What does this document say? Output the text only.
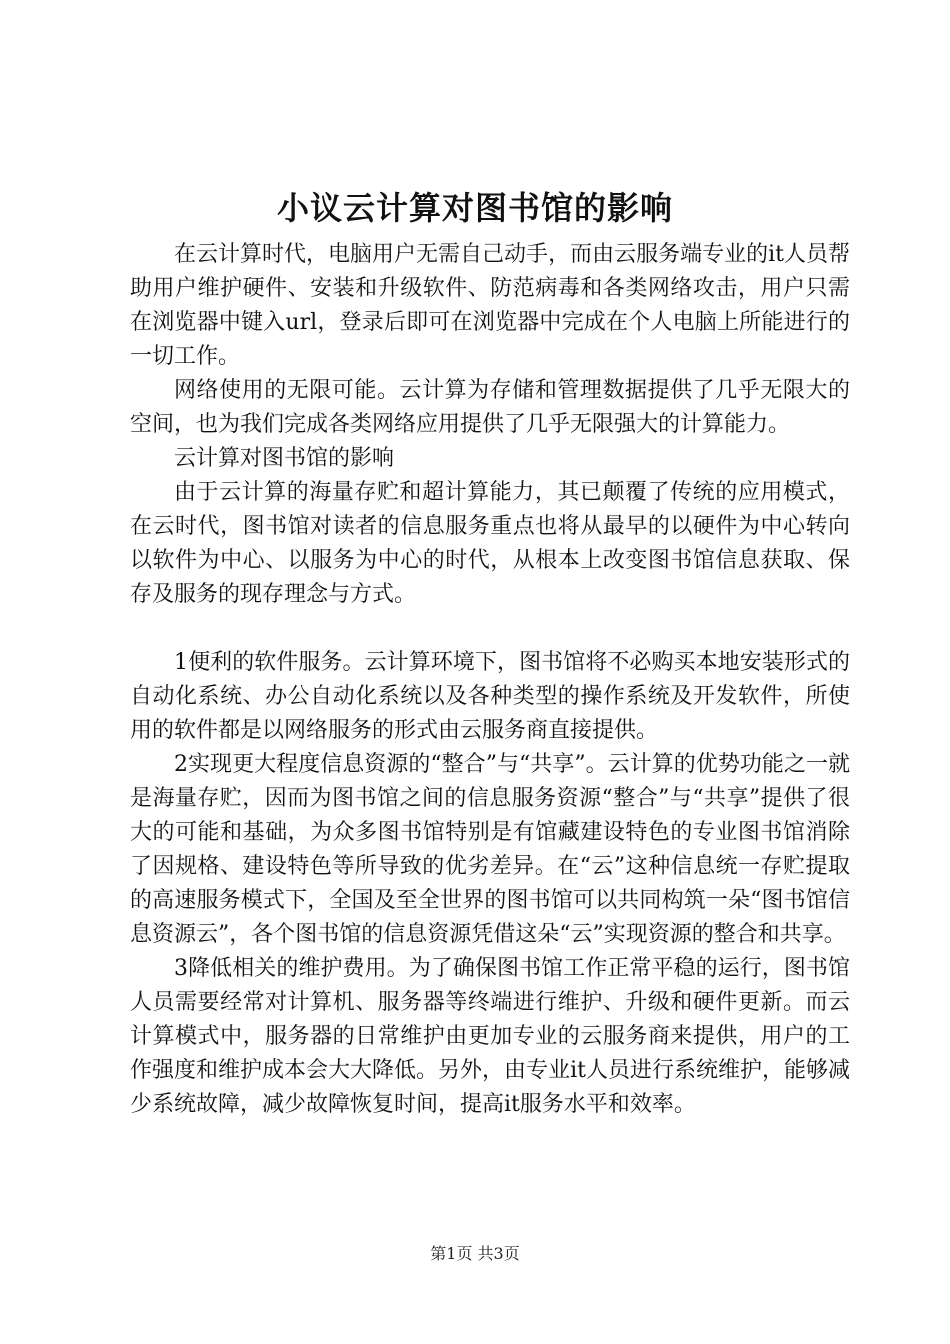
小议云计算对图书馆的影响

在云计算时代，电脑用户无需自己动手，而由云服务端专业的it人员帮助用户维护硬件、安装和升级软件、防范病毒和各类网络攻击，用户只需在浏览器中键入url，登录后即可在浏览器中完成在个人电脑上所能进行的一切工作。

网络使用的无限可能。云计算为存储和管理数据提供了几乎无限大的空间，也为我们完成各类网络应用提供了几乎无限强大的计算能力。

云计算对图书馆的影响

由于云计算的海量存贮和超计算能力，其已颠覆了传统的应用模式，在云时代，图书馆对读者的信息服务重点也将从最早的以硬件为中心转向以软件为中心、以服务为中心的时代，从根本上改变图书馆信息获取、保存及服务的现存理念与方式。

1便利的软件服务。云计算环境下，图书馆将不必购买本地安装形式的自动化系统、办公自动化系统以及各种类型的操作系统及开发软件，所使用的软件都是以网络服务的形式由云服务商直接提供。

2实现更大程度信息资源的“整合”与“共享”。云计算的优势功能之一就是海量存贮，因而为图书馆之间的信息服务资源“整合”与“共享”提供了很大的可能和基础，为众多图书馆特别是有馆藏建设特色的专业图书馆消除了因规格、建设特色等所导致的优劣差异。在“云”这种信息统一存贮提取的高速服务模式下，全国及至全世界的图书馆可以共同构筑一朵“图书馆信息资源云”，各个图书馆的信息资源凭借这朵“云”实现资源的整合和共享。

3降低相关的维护费用。为了确保图书馆工作正常平稳的运行，图书馆人员需要经常对计算机、服务器等终端进行维护、升级和硬件更新。而云计算模式中，服务器的日常维护由更加专业的云服务商来提供，用户的工作强度和维护成本会大大降低。另外，由专业it人员进行系统维护，能够减少系统故障，减少故障恢复时间，提高it服务水平和效率。

第1页 共3页
